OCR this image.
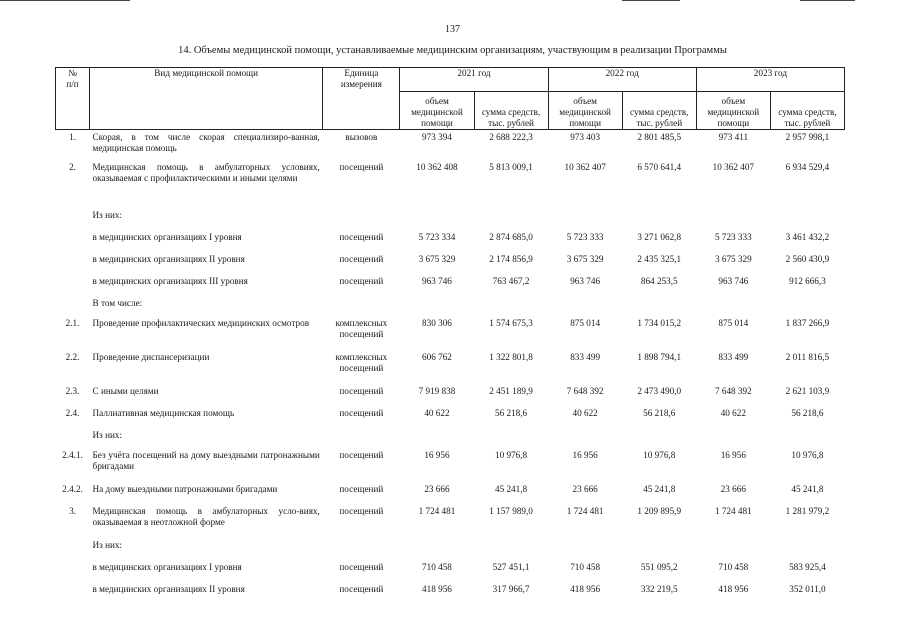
137
14. Объемы медицинской помощи, устанавливаемые медицинским организациям, участвующим в реализации Программы
№
п/п	Вид медицинской помощи	Единица измерения	2021 год		2022 год		2023 год	
			объем медицинской помощи	сумма средств, тыс. рублей	объем медицинской помощи	сумма средств, тыс. рублей	объем медицинской помощи	сумма средств, тыс. рублей
1.	Скорая, в том числе скорая специализиро-ванная, медицинская помощь	вызовов	973 394	2 688 222,3	973 403	2 801 485,5	973 411	2 957 998,1
2.	Медицинская помощь в амбулаторных условиях, оказываемая с профилактическими и иными целями	посещений	10 362 408	5 813 009,1	10 362 407	6 570 641,4	10 362 407	6 934 529,4
	Из них:							
	в медицинских организациях I уровня	посещений	5 723 334	2 874 685,0	5 723 333	3 271 062,8	5 723 333	3 461 432,2
	в медицинских организациях II уровня	посещений	3 675 329	2 174 856,9	3 675 329	2 435 325,1	3 675 329	2 560 430,9
	в медицинских организациях III уровня	посещений	963 746	763 467,2	963 746	864 253,5	963 746	912 666,3
	В том числе:							
2.1.	Проведение профилактических медицинских осмотров	комплексных посещений	830 306	1 574 675,3	875 014	1 734 015,2	875 014	1 837 266,9
2.2.	Проведение диспансеризации	комплексных посещений	606 762	1 322 801,8	833 499	1 898 794,1	833 499	2 011 816,5
2.3.	С иными целями	посещений	7 919 838	2 451 189,9	7 648 392	2 473 490,0	7 648 392	2 621 103,9
2.4.	Паллиативная медицинская помощь	посещений	40 622	56 218,6	40 622	56 218,6	40 622	56 218,6
	Из них:							
2.4.1.	Без учёта посещений на дому выездными патронажными бригадами	посещений	16 956	10 976,8	16 956	10 976,8	16 956	10 976,8
2.4.2.	На дому выездными патронажными бригадами	посещений	23 666	45 241,8	23 666	45 241,8	23 666	45 241,8
3.	Медицинская помощь в амбулаторных усло-виях, оказываемая в неотложной форме	посещений	1 724 481	1 157 989,0	1 724 481	1 209 895,9	1 724 481	1 281 979,2
	Из них:							
	в медицинских организациях I уровня	посещений	710 458	527 451,1	710 458	551 095,2	710 458	583 925,4
	в медицинских организациях II уровня	посещений	418 956	317 966,7	418 956	332 219,5	418 956	352 011,0
